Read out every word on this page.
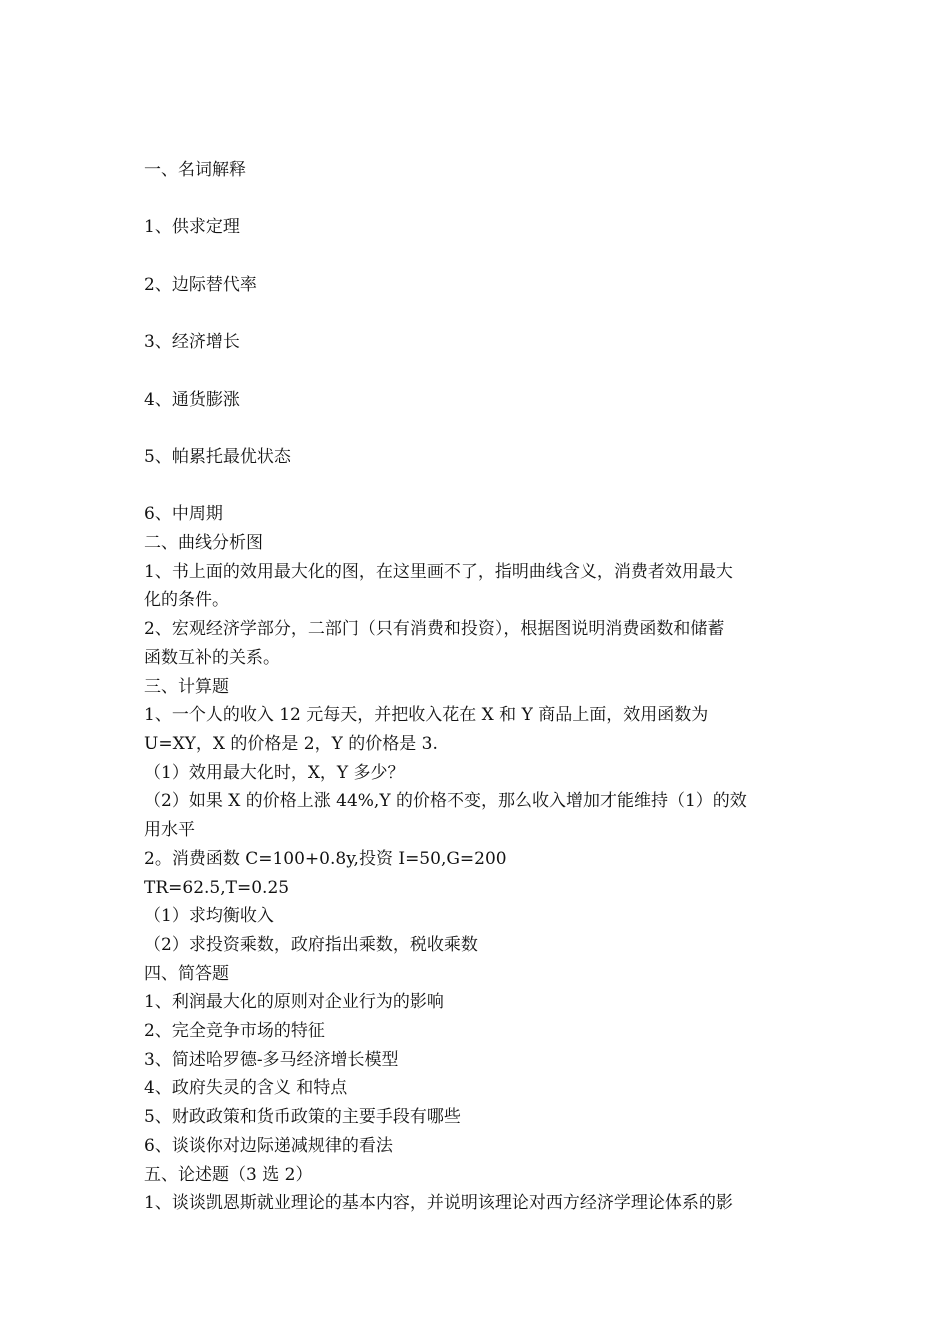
一、名词解释
1、供求定理
2、边际替代率
3、经济增长
4、通货膨涨
5、帕累托最优状态
6、中周期
二、曲线分析图
1、书上面的效用最大化的图，在这里画不了，指明曲线含义，消费者效用最大
化的条件。
2、宏观经济学部分，二部门（只有消费和投资），根据图说明消费函数和储蓄
函数互补的关系。
三、计算题
1、一个人的收入 12 元每天，并把收入花在 X 和 Y 商品上面，效用函数为
U=XY，X 的价格是 2，Y 的价格是 3.
（1）效用最大化时，X，Y 多少？
（2）如果 X 的价格上涨 44%,Y 的价格不变，那么收入增加才能维持（1）的效
用水平
2。消费函数 C=100+0.8y,投资 I=50,G=200
TR=62.5,T=0.25
（1）求均衡收入
（2）求投资乘数，政府指出乘数，税收乘数
四、简答题
1、利润最大化的原则对企业行为的影响
2、完全竞争市场的特征
3、简述哈罗德-多马经济增长模型
4、政府失灵的含义 和特点
5、财政政策和货币政策的主要手段有哪些
6、谈谈你对边际递减规律的看法
五、论述题（3 选 2）
1、谈谈凯恩斯就业理论的基本内容，并说明该理论对西方经济学理论体系的影
